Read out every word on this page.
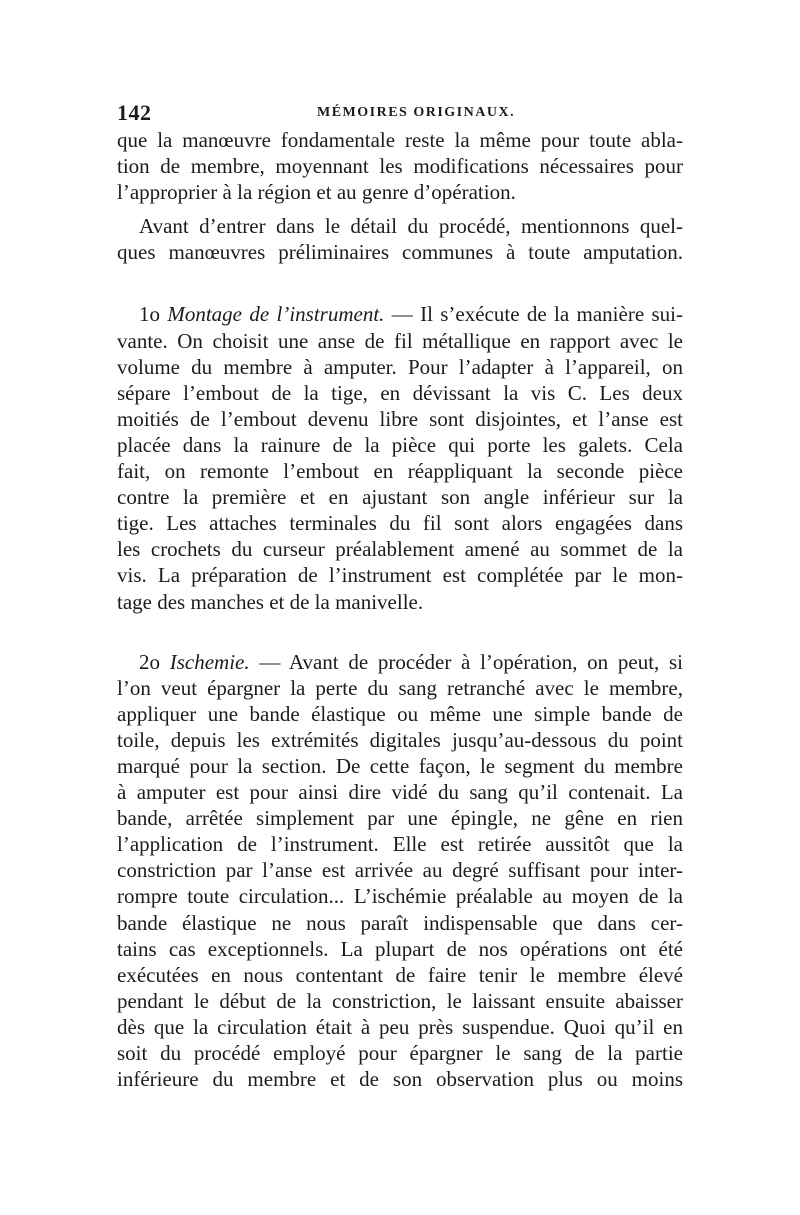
142	MÉMOIRES ORIGINAUX.
que la manœuvre fondamentale reste la même pour toute abla-
tion de membre, moyennant les modifications nécessaires pour
l’approprier à la région et au genre d’opération.
Avant d’entrer dans le détail du procédé, mentionnons quel-
ques manœuvres préliminaires communes à toute amputation.
1o Montage de l’instrument. — Il s’exécute de la manière sui-
vante. On choisit une anse de fil métallique en rapport avec le
volume du membre à amputer. Pour l’adapter à l’appareil, on
sépare l’embout de la tige, en dévissant la vis C. Les deux
moitiés de l’embout devenu libre sont disjointes, et l’anse est
placée dans la rainure de la pièce qui porte les galets. Cela
fait, on remonte l’embout en réappliquant la seconde pièce
contre la première et en ajustant son angle inférieur sur la
tige. Les attaches terminales du fil sont alors engagées dans
les crochets du curseur préalablement amené au sommet de la
vis. La préparation de l’instrument est complétée par le mon-
tage des manches et de la manivelle.
2o Ischemie. — Avant de procéder à l’opération, on peut, si
l’on veut épargner la perte du sang retranché avec le membre,
appliquer une bande élastique ou même une simple bande de
toile, depuis les extrémités digitales jusqu’au-dessous du point
marqué pour la section. De cette façon, le segment du membre
à amputer est pour ainsi dire vidé du sang qu’il contenait. La
bande, arrêtée simplement par une épingle, ne gêne en rien
l’application de l’instrument. Elle est retirée aussitôt que la
constriction par l’anse est arrivée au degré suffisant pour inter-
rompre toute circulation... L’ischémie préalable au moyen de la
bande élastique ne nous paraît indispensable que dans cer-
tains cas exceptionnels. La plupart de nos opérations ont été
exécutées en nous contentant de faire tenir le membre élevé
pendant le début de la constriction, le laissant ensuite abaisser
dès que la circulation était à peu près suspendue. Quoi qu’il en
soit du procédé employé pour épargner le sang de la partie
inférieure du membre et de son observation plus ou moins
